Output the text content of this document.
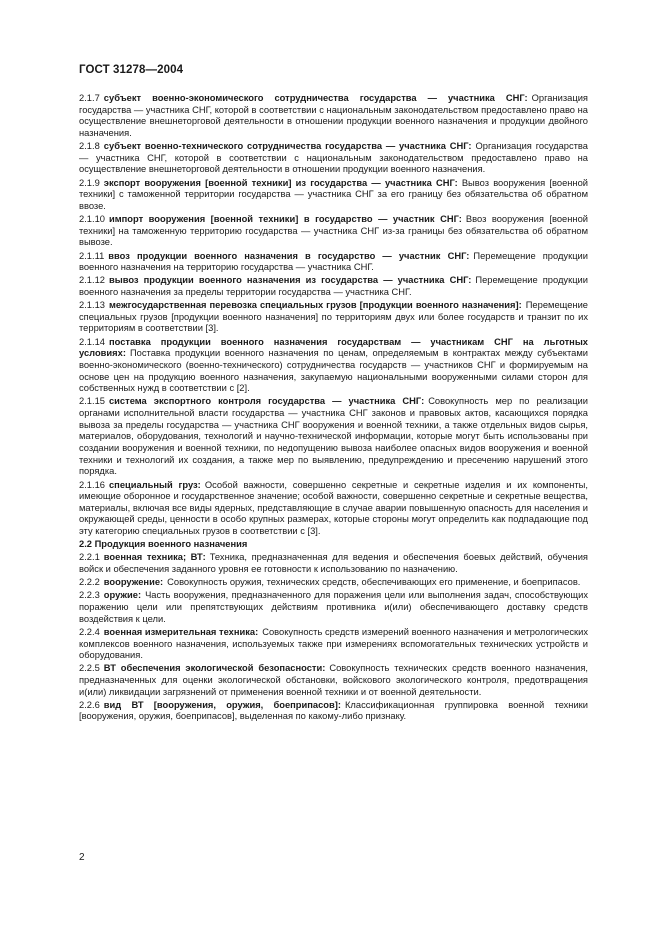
ГОСТ 31278—2004

2.1.7 субъект военно-экономического сотрудничества государства — участника СНГ: Организация государства — участника СНГ, которой в соответствии с национальным законодательством предоставлено право на осуществление внешнеторговой деятельности в отношении продукции военного назначения и продукции двойного назначения.

2.1.8 субъект военно-технического сотрудничества государства — участника СНГ: Организация государства — участника СНГ, которой в соответствии с национальным законодательством предоставлено право на осуществление внешнеторговой деятельности в отношении продукции военного назначения.

2.1.9 экспорт вооружения [военной техники] из государства — участника СНГ: Вывоз вооружения [военной техники] с таможенной территории государства — участника СНГ за его границу без обязательства об обратном ввозе.

2.1.10 импорт вооружения [военной техники] в государство — участник СНГ: Ввоз вооружения [военной техники] на таможенную территорию государства — участника СНГ из-за границы без обязательства об обратном вывозе.

2.1.11 ввоз продукции военного назначения в государство — участник СНГ: Перемещение продукции военного назначения на территорию государства — участника СНГ.

2.1.12 вывоз продукции военного назначения из государства — участника СНГ: Перемещение продукции военного назначения за пределы территории государства — участника СНГ.

2.1.13 межгосударственная перевозка специальных грузов [продукции военного назначения]: Перемещение специальных грузов [продукции военного назначения] по территориям двух или более государств и транзит по их территориям в соответствии [3].

2.1.14 поставка продукции военного назначения государствам — участникам СНГ на льготных условиях: Поставка продукции военного назначения по ценам, определяемым в контрактах между субъектами военно-экономического (военно-технического) сотрудничества государств — участников СНГ и формируемым на основе цен на продукцию военного назначения, закупаемую национальными вооруженными силами сторон для собственных нужд в соответствии с [2].

2.1.15 система экспортного контроля государства — участника СНГ: Совокупность мер по реализации органами исполнительной власти государства — участника СНГ законов и правовых актов, касающихся порядка вывоза за пределы государства — участника СНГ вооружения и военной техники, а также отдельных видов сырья, материалов, оборудования, технологий и научно-технической информации, которые могут быть использованы при создании вооружения и военной техники, по недопущению вывоза наиболее опасных видов вооружения и военной техники и технологий их создания, а также мер по выявлению, предупреждению и пресечению нарушений этого порядка.

2.1.16 специальный груз: Особой важности, совершенно секретные и секретные изделия и их компоненты, имеющие оборонное и государственное значение; особой важности, совершенно секретные и секретные вещества, материалы, включая все виды ядерных, представляющие в случае аварии повышенную опасность для населения и окружающей среды, ценности в особо крупных размерах, которые стороны могут определить как подпадающие под эту категорию специальных грузов в соответствии с [3].

2.2 Продукция военного назначения

2.2.1 военная техника; ВТ: Техника, предназначенная для ведения и обеспечения боевых действий, обучения войск и обеспечения заданного уровня ее готовности к использованию по назначению.

2.2.2 вооружение: Совокупность оружия, технических средств, обеспечивающих его применение, и боеприпасов.

2.2.3 оружие: Часть вооружения, предназначенного для поражения цели или выполнения задач, способствующих поражению цели или препятствующих действиям противника и(или) обеспечивающего доставку средств воздействия к цели.

2.2.4 военная измерительная техника: Совокупность средств измерений военного назначения и метрологических комплексов военного назначения, используемых также при измерениях вспомогательных технических устройств и оборудования.

2.2.5 ВТ обеспечения экологической безопасности: Совокупность технических средств военного назначения, предназначенных для оценки экологической обстановки, войскового экологического контроля, предотвращения и(или) ликвидации загрязнений от применения военной техники и от военной деятельности.

2.2.6 вид ВТ [вооружения, оружия, боеприпасов]: Классификационная группировка военной техники [вооружения, оружия, боеприпасов], выделенная по какому-либо признаку.

2
